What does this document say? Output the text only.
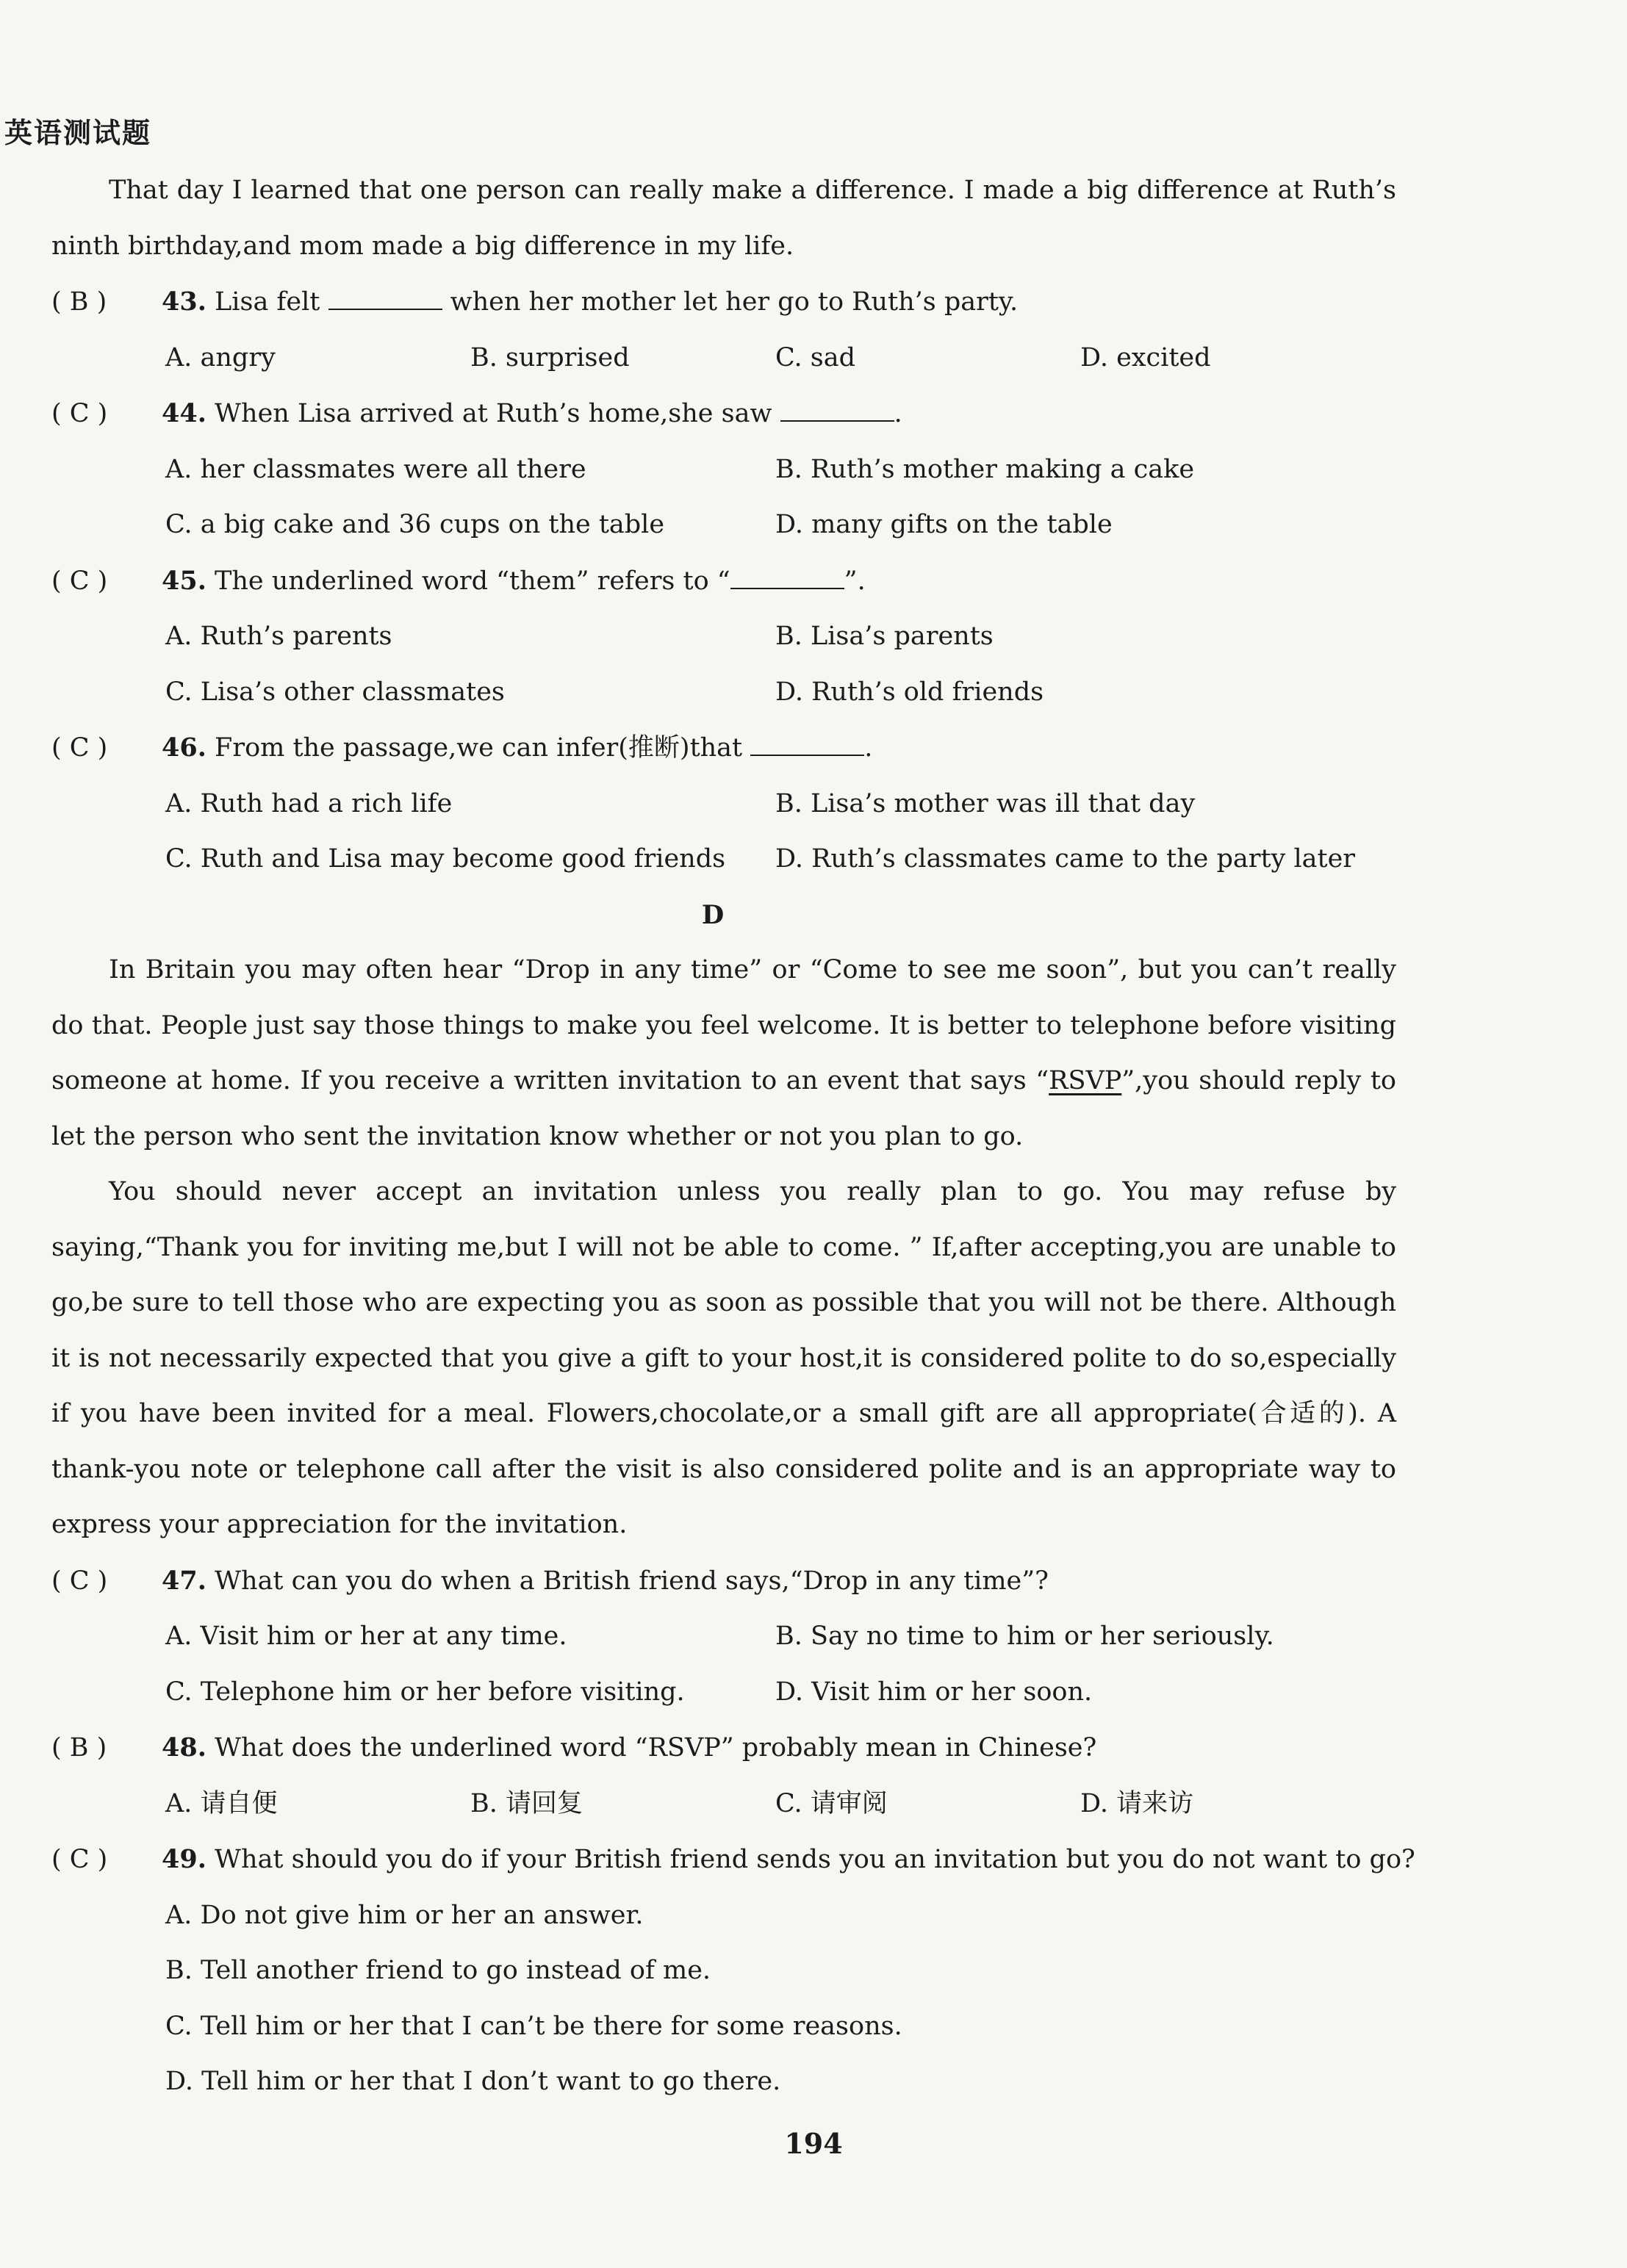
英语测试题

That day I learned that one person can really make a difference. I made a big difference at Ruth’s ninth birthday,and mom made a big difference in my life.

( B ) 43. Lisa felt	when her mother let her go to Ruth’s party.

A. angry	B. surprised	C. sad	D. excited

( C ) 44. When Lisa arrived at Ruth’s home,she saw	.

A. her classmates were all there	B. Ruth’s mother making a cake
C. a big cake and 36 cups on the table	D. many gifts on the table

( C ) 45. The underlined word “them” refers to “	”.

A. Ruth’s parents	B. Lisa’s parents
C. Lisa’s other classmates	D. Ruth’s old friends

( C ) 46. From the passage,we can infer(推断)that	.

A. Ruth had a rich life	B. Lisa’s mother was ill that day
C. Ruth and Lisa may become good friends	D. Ruth’s classmates came to the party later

D

In Britain you may often hear “Drop in any time” or “Come to see me soon”, but you can’t really do that. People just say those things to make you feel welcome. It is better to telephone before visiting someone at home. If you receive a written invitation to an event that says “RSVP”,you should reply to let the person who sent the invitation know whether or not you plan to go.

You should never accept an invitation unless you really plan to go. You may refuse by saying,“Thank you for inviting me,but I will not be able to come. ” If,after accepting,you are unable to go,be sure to tell those who are expecting you as soon as possible that you will not be there. Although it is not necessarily expected that you give a gift to your host,it is considered polite to do so,especially if you have been invited for a meal. Flowers,chocolate,or a small gift are all appropriate(合适的). A thank-you note or telephone call after the visit is also considered polite and is an appropriate way to express your appreciation for the invitation.

( C ) 47. What can you do when a British friend says,“Drop in any time”?

A. Visit him or her at any time.	B. Say no time to him or her seriously.
C. Telephone him or her before visiting.	D. Visit him or her soon.

( B ) 48. What does the underlined word “RSVP” probably mean in Chinese?

A. 请自便	B. 请回复	C. 请审阅	D. 请来访

( C ) 49. What should you do if your British friend sends you an invitation but you do not want to go?

A. Do not give him or her an answer.
B. Tell another friend to go instead of me.
C. Tell him or her that I can’t be there for some reasons.
D. Tell him or her that I don’t want to go there.
194
